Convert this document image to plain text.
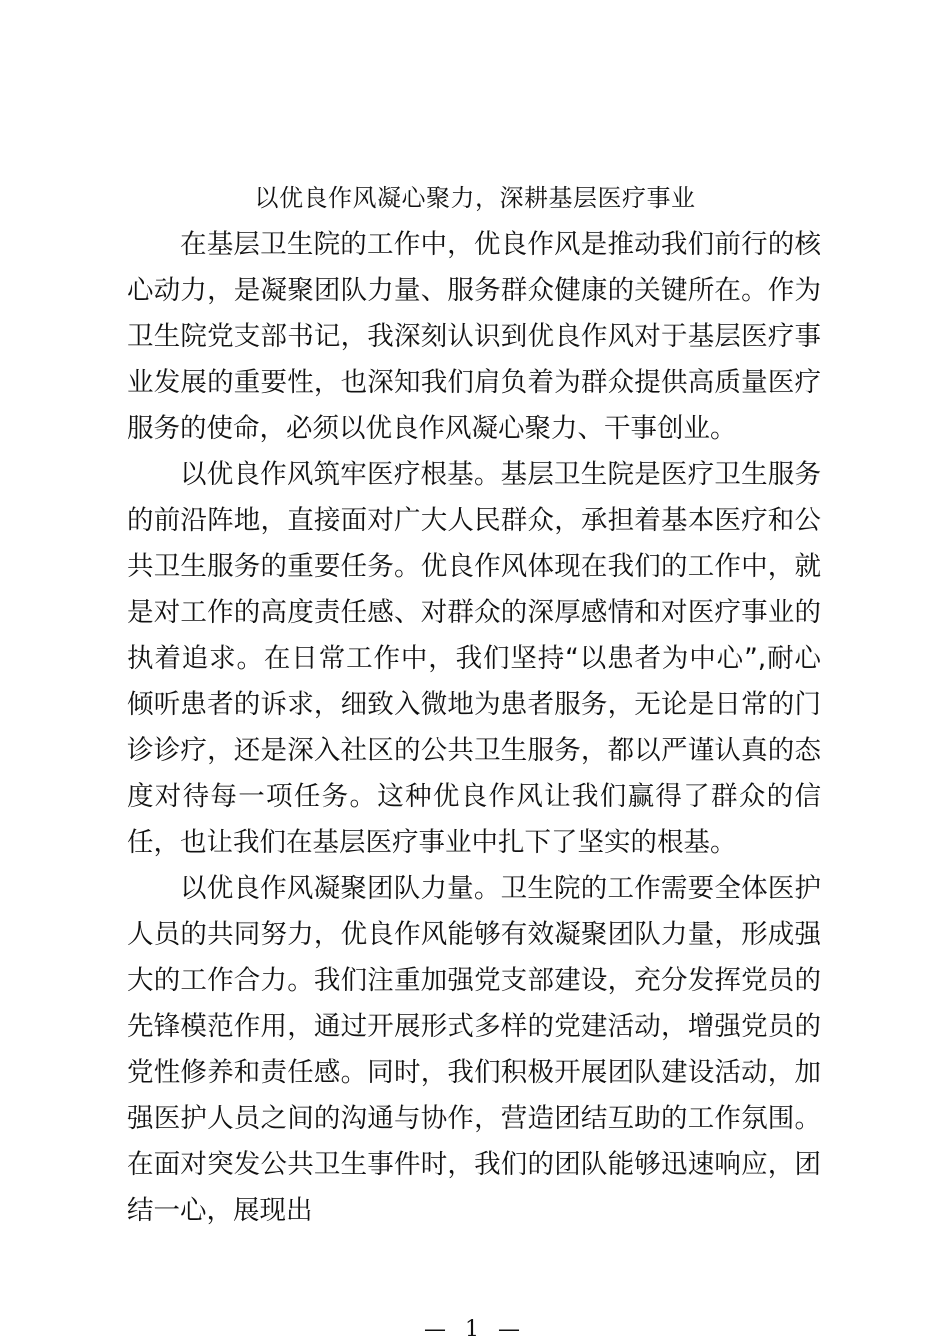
以优良作风凝心聚力，深耕基层医疗事业

在基层卫生院的工作中，优良作风是推动我们前行的核心动力，是凝聚团队力量、服务群众健康的关键所在。作为卫生院党支部书记，我深刻认识到优良作风对于基层医疗事业发展的重要性，也深知我们肩负着为群众提供高质量医疗服务的使命，必须以优良作风凝心聚力、干事创业。

以优良作风筑牢医疗根基。基层卫生院是医疗卫生服务的前沿阵地，直接面对广大人民群众，承担着基本医疗和公共卫生服务的重要任务。优良作风体现在我们的工作中，就是对工作的高度责任感、对群众的深厚感情和对医疗事业的执着追求。在日常工作中，我们坚持“以患者为中心”,耐心倾听患者的诉求，细致入微地为患者服务，无论是日常的门诊诊疗，还是深入社区的公共卫生服务，都以严谨认真的态度对待每一项任务。这种优良作风让我们赢得了群众的信任，也让我们在基层医疗事业中扎下了坚实的根基。

以优良作风凝聚团队力量。卫生院的工作需要全体医护人员的共同努力，优良作风能够有效凝聚团队力量，形成强大的工作合力。我们注重加强党支部建设，充分发挥党员的先锋模范作用，通过开展形式多样的党建活动，增强党员的党性修养和责任感。同时，我们积极开展团队建设活动，加强医护人员之间的沟通与协作，营造团结互助的工作氛围。在面对突发公共卫生事件时，我们的团队能够迅速响应，团结一心，展现出

— 1 —
